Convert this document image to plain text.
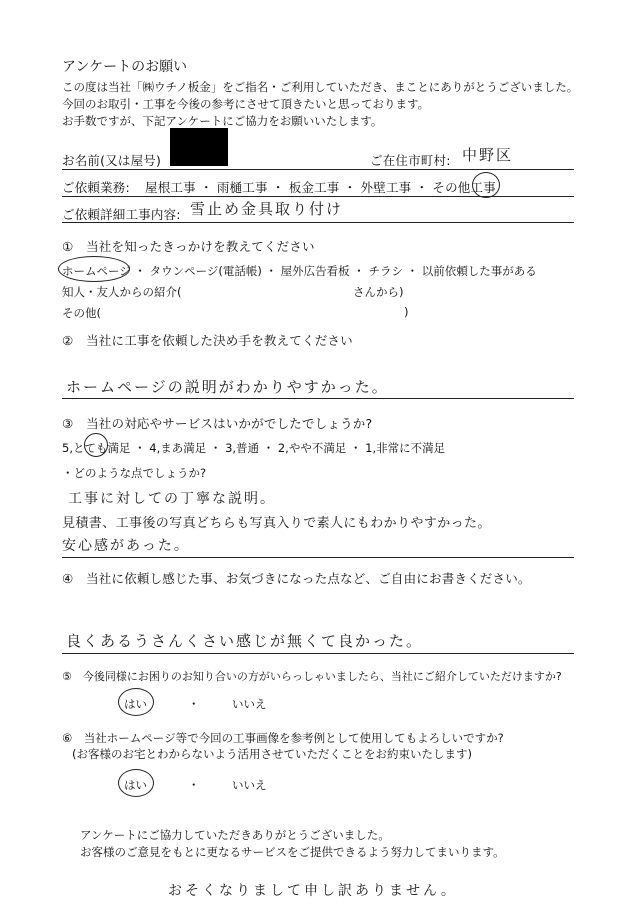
アンケートのお願い
この度は当社「㈱ウチノ板金」をご指名・ご利用していただき、まことにありがとうございました。
今回のお取引・工事を今後の参考にさせて頂きたいと思っております。
お手数ですが、下記アンケートにご協力をお願いいたします。
お名前(又は屋号)	ご在住市町村: 中野区
ご依頼業務: 屋根工事 ・ 雨樋工事 ・ 板金工事 ・ 外壁工事 ・ その他工事
ご依頼詳細工事内容: 雪止め金具取り付け
①　当社を知ったきっかけを教えてください
ホームページ ・ タウンページ(電話帳) ・ 屋外広告看板 ・ チラシ ・ 以前依頼した事がある
知人・友人からの紹介(	さんから)
その他(	)
②　当社に工事を依頼した決め手を教えてください
ホームページの説明がわかりやすかった。
③　当社の対応やサービスはいかがでしたでしょうか?
5,とても満足 ・ 4,まあ満足 ・ 3,普通 ・ 2,やや不満足 ・ 1,非常に不満足
・どのような点でしょうか?
工事に対しての丁寧な説明。
見積書、工事後の写真どちらも写真入りで素人にもわかりやすかった。
安心感があった。
④　当社に依頼し感じた事、お気づきになった点など、ご自由にお書きください。
良くあるうさんくさい感じが無くて良かった。
⑤　今後同様にお困りのお知り合いの方がいらっしゃいましたら、当社にご紹介していただけますか?
はい	・	いいえ
⑥　当社ホームページ等で今回の工事画像を参考例として使用してもよろしいですか?
(お客様のお宅とわからないよう活用させていただくことをお約束いたします)
はい	・	いいえ
アンケートにご協力していただきありがとうございました。
お客様のご意見をもとに更なるサービスをご提供できるよう努力してまいります。
おそくなりまして申し訳ありません。
